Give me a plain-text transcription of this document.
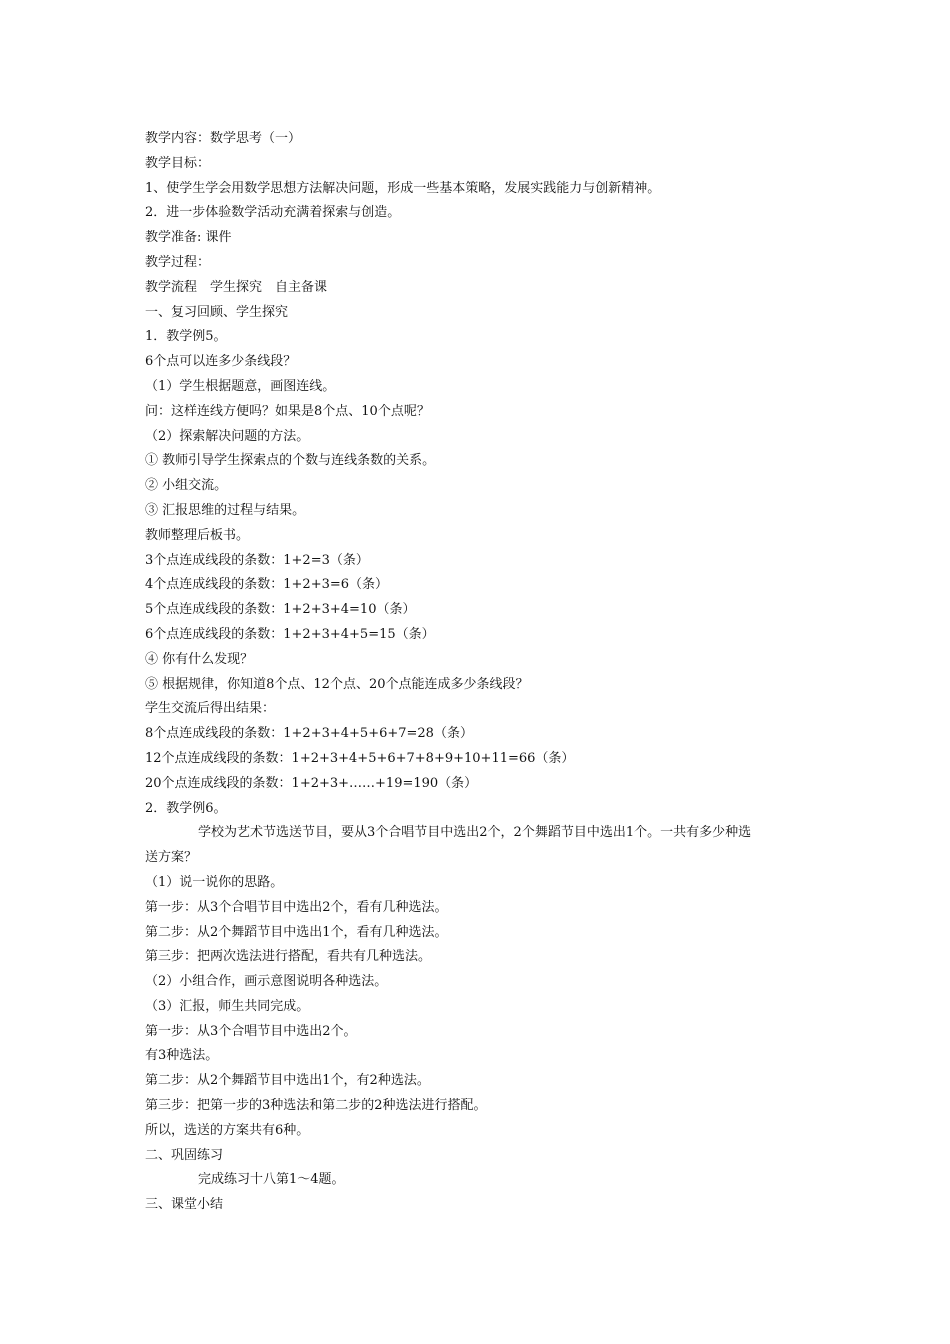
教学内容：数学思考（一）
教学目标：
1、使学生学会用数学思想方法解决问题，形成一些基本策略，发展实践能力与创新精神。
2．进一步体验数学活动充满着探索与创造。
教学准备: 课件
教学过程：
教学流程　学生探究　自主备课
一、复习回顾、学生探究
1．教学例5。
6个点可以连多少条线段？
（1）学生根据题意，画图连线。
问：这样连线方便吗？如果是8个点、10个点呢？
（2）探索解决问题的方法。
① 教师引导学生探索点的个数与连线条数的关系。
② 小组交流。
③ 汇报思维的过程与结果。
教师整理后板书。
3个点连成线段的条数：1+2=3（条）
4个点连成线段的条数：1+2+3=6（条）
5个点连成线段的条数：1+2+3+4=10（条）
6个点连成线段的条数：1+2+3+4+5=15（条）
④ 你有什么发现？
⑤ 根据规律，你知道8个点、12个点、20个点能连成多少条线段？
学生交流后得出结果：
8个点连成线段的条数：1+2+3+4+5+6+7=28（条）
12个点连成线段的条数：1+2+3+4+5+6+7+8+9+10+11=66（条）
20个点连成线段的条数：1+2+3+……+19=190（条）
2．教学例6。
学校为艺术节选送节目，要从3个合唱节目中选出2个，2个舞蹈节目中选出1个。一共有多少种选
送方案？
（1）说一说你的思路。
第一步：从3个合唱节目中选出2个，看有几种选法。
第二步：从2个舞蹈节目中选出1个，看有几种选法。
第三步：把两次选法进行搭配，看共有几种选法。
（2）小组合作，画示意图说明各种选法。
（3）汇报，师生共同完成。
第一步：从3个合唱节目中选出2个。
有3种选法。
第二步：从2个舞蹈节目中选出1个，有2种选法。
第三步：把第一步的3种选法和第二步的2种选法进行搭配。
所以，选送的方案共有6种。
二、巩固练习
完成练习十八第1～4题。
三、课堂小结
